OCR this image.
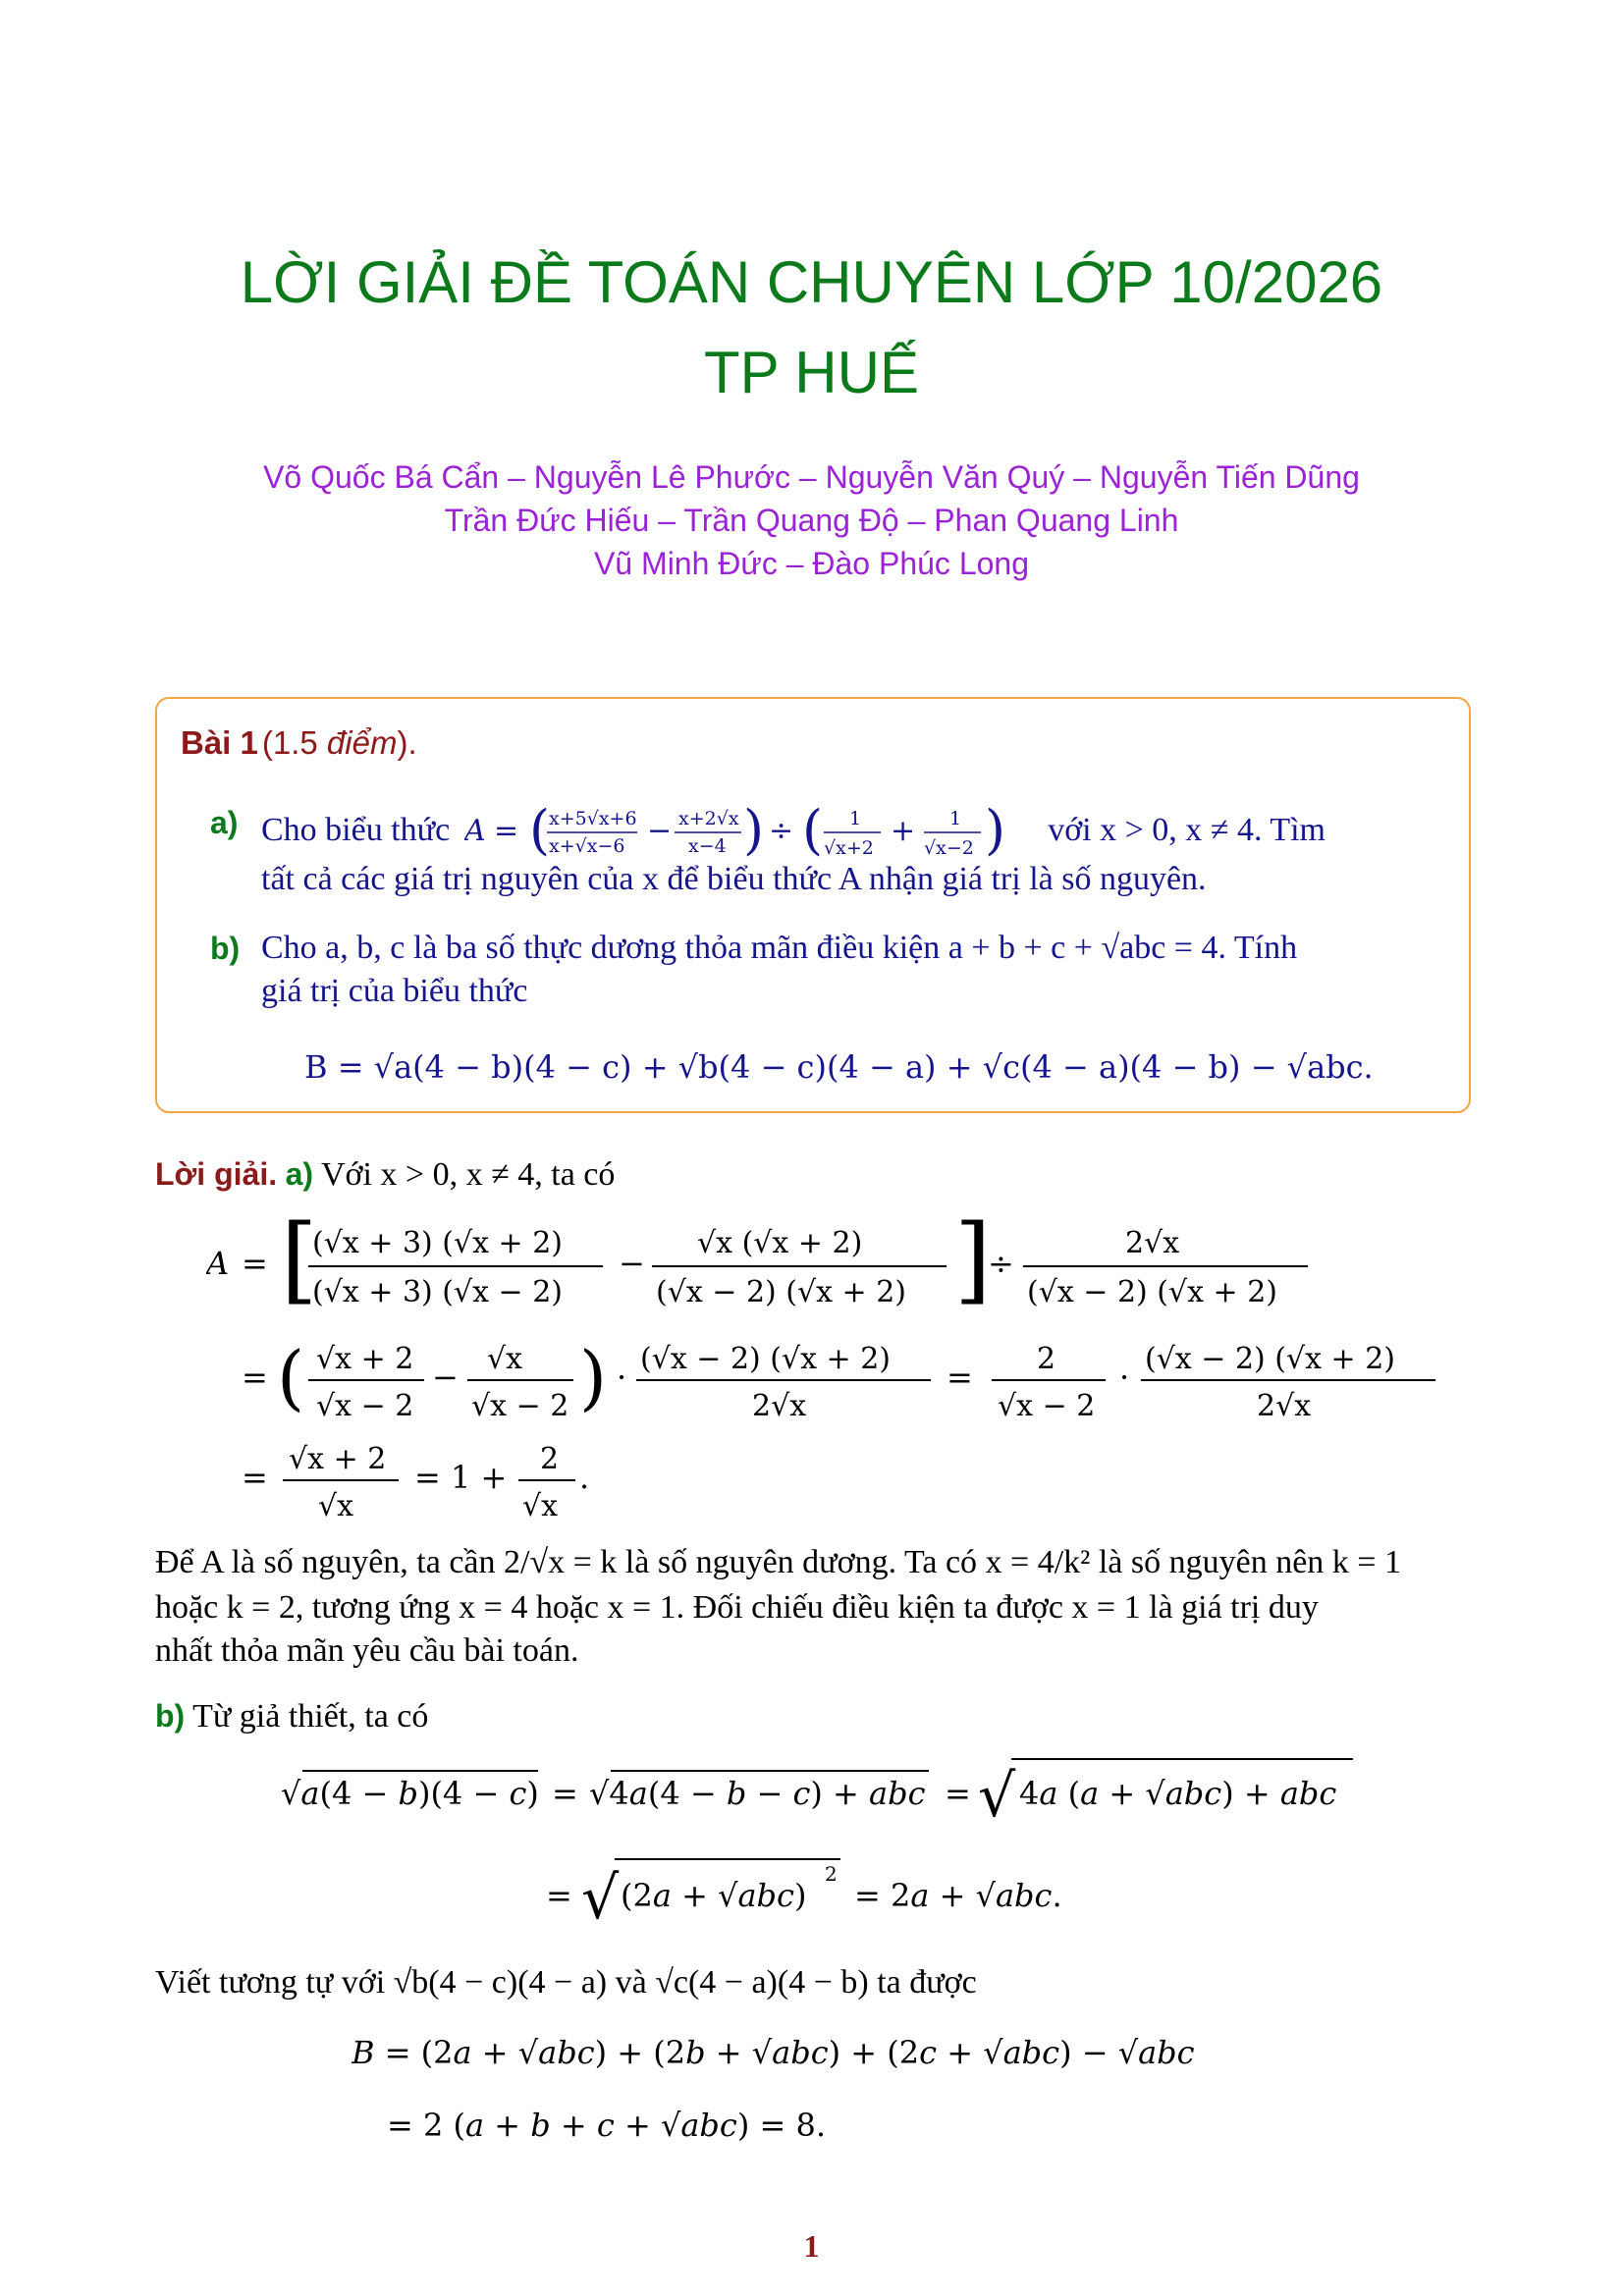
LỜI GIẢI ĐỀ TOÁN CHUYÊN LỚP 10/2026
TP HUẾ
Võ Quốc Bá Cẩn – Nguyễn Lê Phước – Nguyễn Văn Quý – Nguyễn Tiến Dũng
Trần Đức Hiếu – Trần Quang Độ – Phan Quang Linh
Vũ Minh Đức – Đào Phúc Long
Bài 1 (1.5 điểm).
a) Cho biểu thức A = (
x+5√x+6
x+√x−6 − x+2√x
x−4 ) ÷ ( 1
√x+2 + 1
√x−2 ) với x > 0, x ≠ 4. Tìm
tất cả các giá trị nguyên của x để biểu thức A nhận giá trị là số nguyên.
b) Cho a, b, c là ba số thực dương thỏa mãn điều kiện a + b + c + √abc = 4. Tính
giá trị của biểu thức
B = √a(4 − b)(4 − c) + √b(4 − c)(4 − a) + √c(4 − a)(4 − b) − √abc.
Lời giải. a) Với x > 0, x ≠ 4, ta có
A = [
(√x + 3) (√x + 2)
(√x + 3) (√x − 2)
−
√x (√x + 2)
(√x − 2) (√x + 2) ]
÷
2√x
(√x − 2) (√x + 2)
= ( √x + 2
√x − 2
− √x
√x − 2 ) · (√x − 2) (√x + 2)
2√x
= 2
√x − 2
· (√x − 2) (√x + 2)
2√x
= √x + 2
√x
= 1 + 2
√x
.
Để A là số nguyên, ta cần 2/√x = k là số nguyên dương. Ta có x = 4/k² là số nguyên nên k = 1
hoặc k = 2, tương ứng x = 4 hoặc x = 1. Đối chiếu điều kiện ta được x = 1 là giá trị duy
nhất thỏa mãn yêu cầu bài toán.
b) Từ giả thiết, ta có
√a(4 − b)(4 − c) = √4a(4 − b − c) + abc = √ 4a (a + √abc) + abc
= √ (2a + √abc)
2
= 2a + √abc.
Viết tương tự với √b(4 − c)(4 − a) và √c(4 − a)(4 − b) ta được
B = (2a + √abc) + (2b + √abc) + (2c + √abc) − √abc
= 2 (a + b + c + √abc) = 8.
1
